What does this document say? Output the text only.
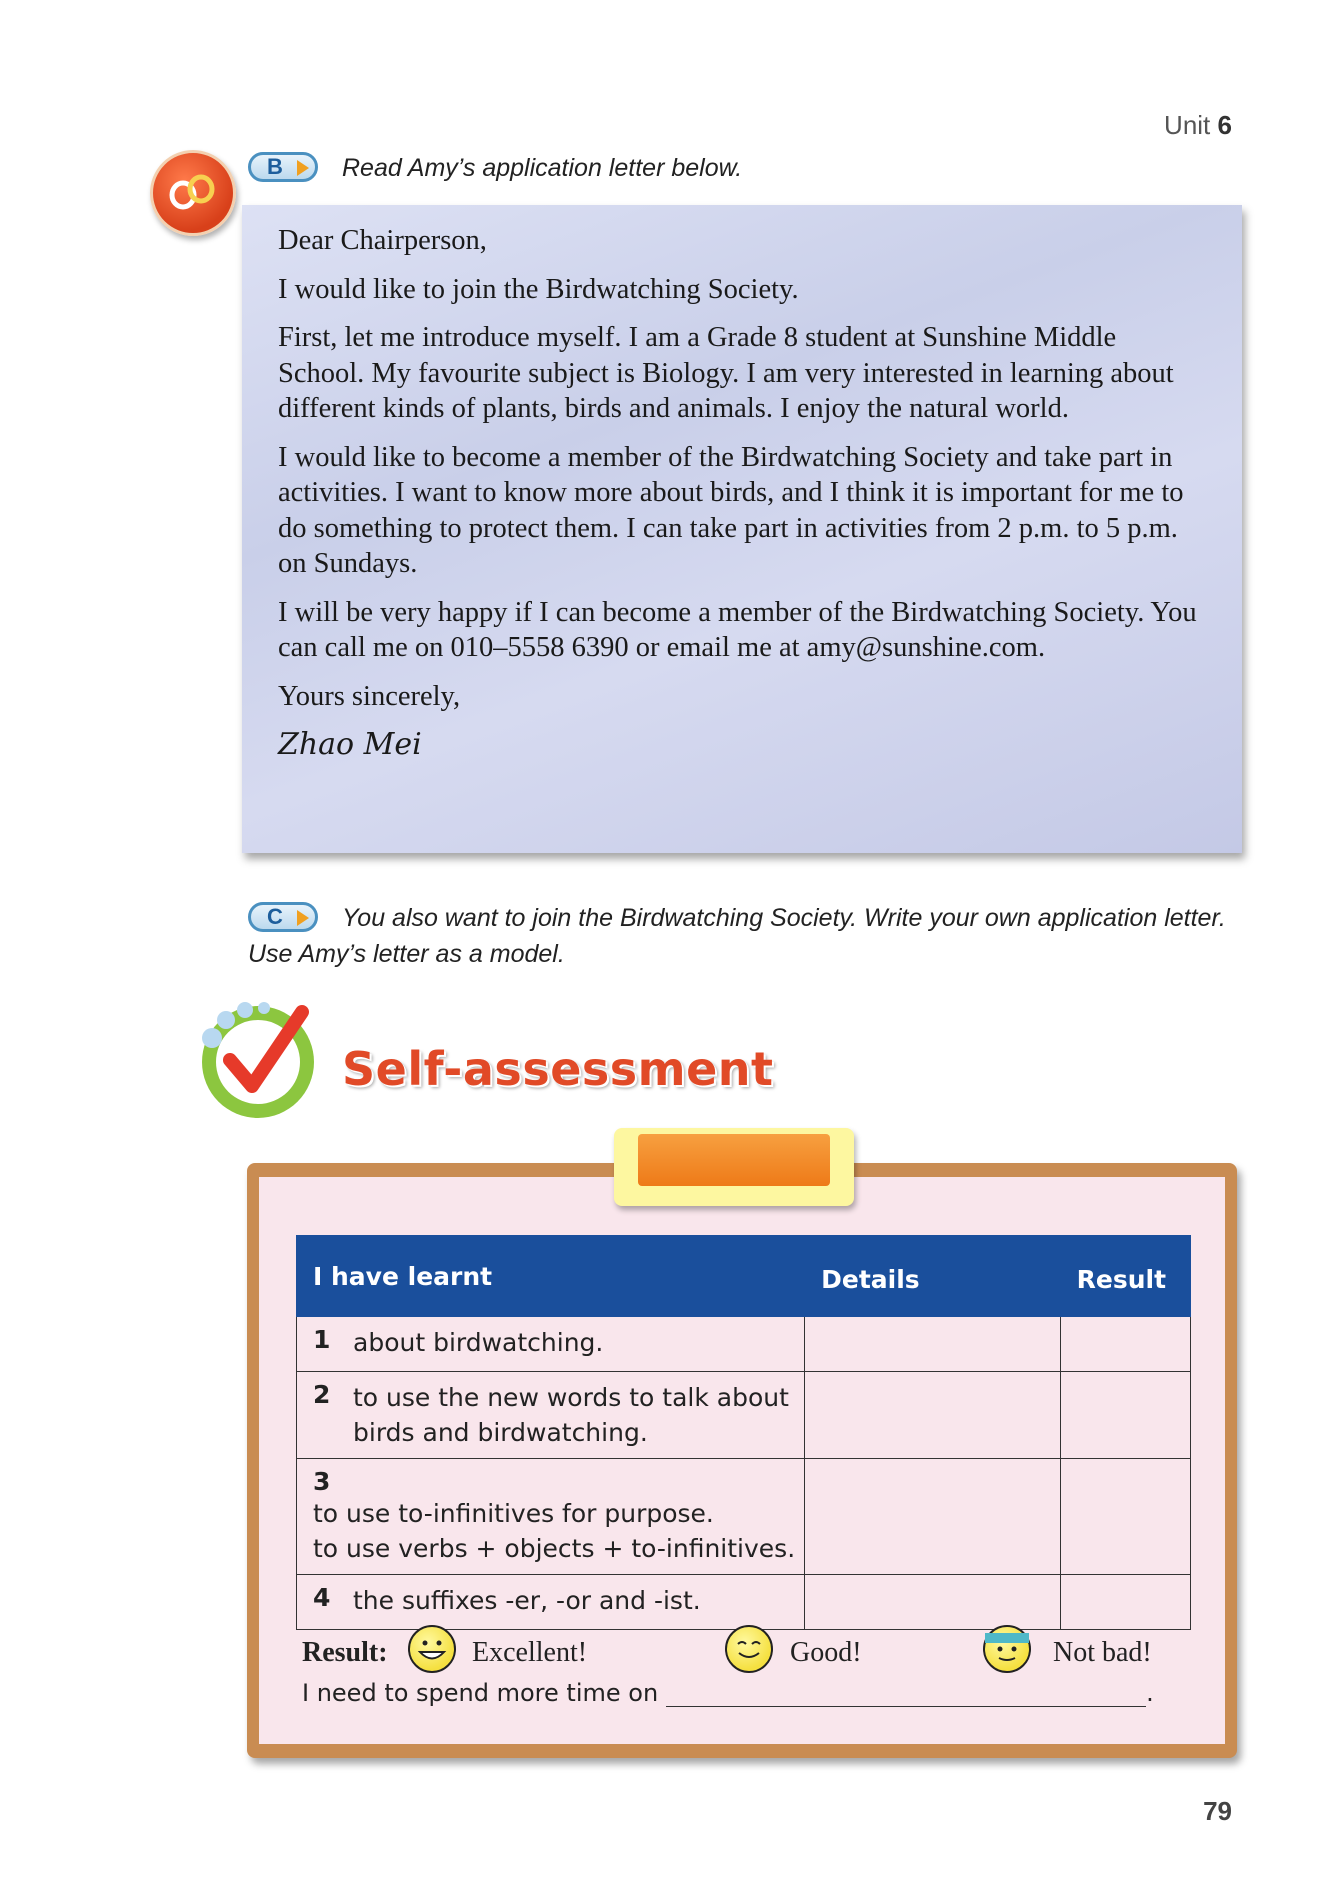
Unit 6
B Read Amy’s application letter below.

Dear Chairperson,

I would like to join the Birdwatching Society.

First, let me introduce myself. I am a Grade 8 student at Sunshine Middle School. My favourite subject is Biology. I am very interested in learning about different kinds of plants, birds and animals. I enjoy the natural world.

I would like to become a member of the Birdwatching Society and take part in activities. I want to know more about birds, and I think it is important for me to do something to protect them. I can take part in activities from 2 p.m. to 5 p.m. on Sundays.

I will be very happy if I can become a member of the Birdwatching Society. You can call me on 010–5558 6390 or email me at amy@sunshine.com.

Yours sincerely,

Zhao Mei

C	You also want to join the Birdwatching Society. Write your own application letter. Use Amy’s letter as a model.
Self-assessment
I have learnt	Details	Result
1 about birdwatching.		
2 to use the new words to talk about
birds and birdwatching.		
3to use to-infinitives for purpose.
to use verbs + objects + to-infinitives.		
4 the suffixes -er, -or and -ist.		
Result:	Excellent!	Good!	Not bad!
I need to spend more time on	.
79
